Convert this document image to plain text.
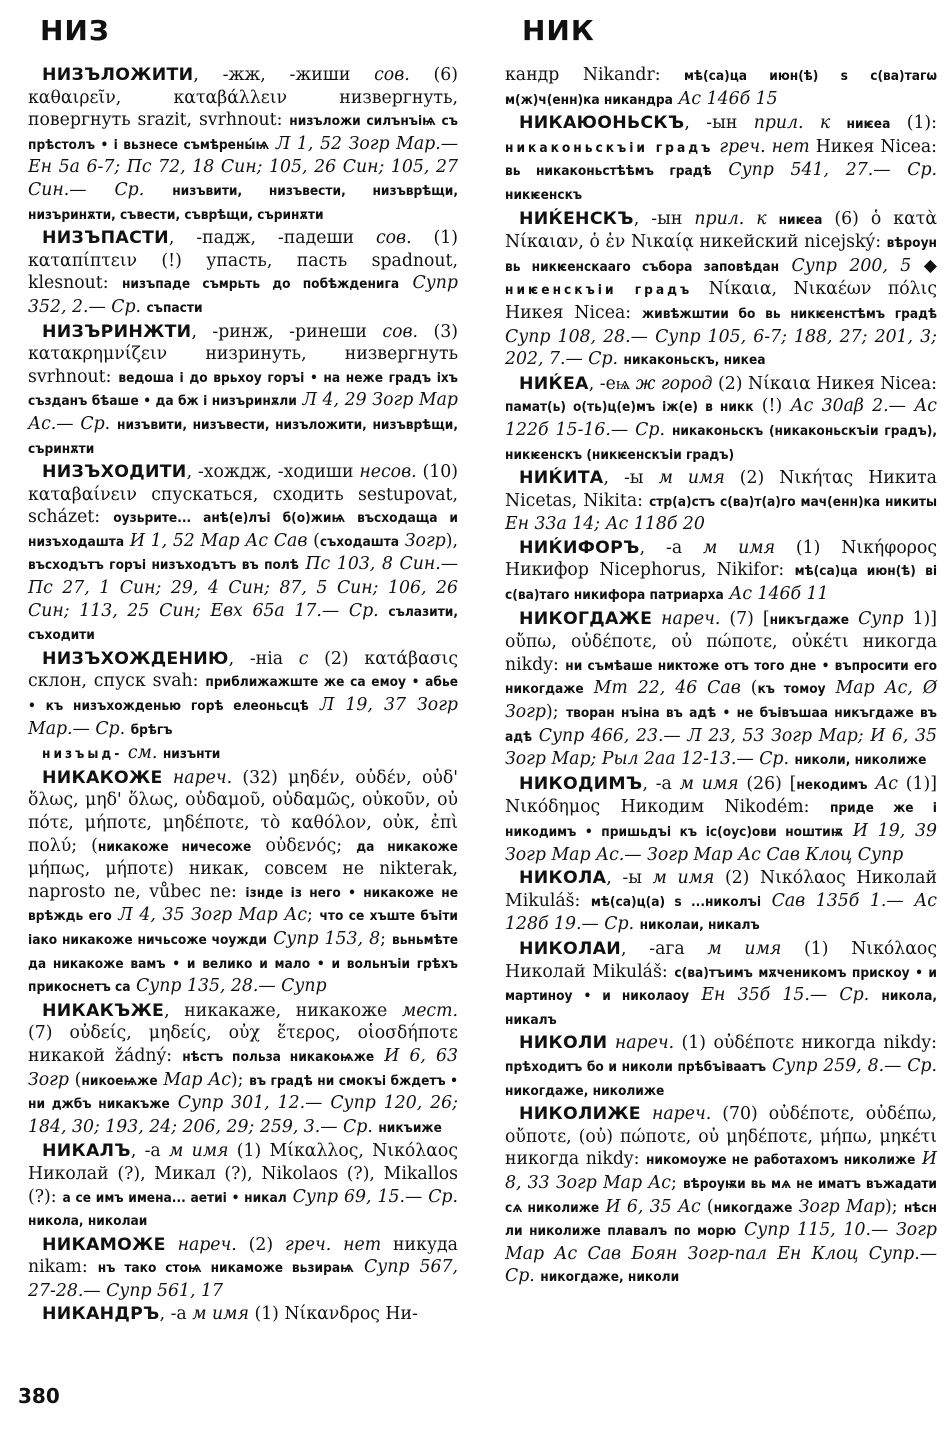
НИЗ	НИК

НИЗЪЛОЖИТИ, -жж, -жиши сов. (6) καθαιρεῖν, καταβάλλειν низвергнуть, повергнуть srazit, svrhnout: низъложи силънъіѩ съ прѣстолъ • і вьзнесе съмѣрены́ѩ Л 1, 52 Зогр Мар.— Ен 5а 6-7; Пс 72, 18 Син; 105, 26 Син; 105, 27 Син.— Ср. низъвити, низъвести, низъврѣщи, низъринѫти, съвести, съврѣщи, съринѫти

НИЗЪПАСТИ, -падж, -падеши сов. (1) καταπίπτειν (!) упасть, пасть spadnout, klesnout: низъпаде съмрьть до побѣжденига Супр 352, 2.— Ср. съпасти

НИЗЪРИНЖТИ, -ринж, -ринеши сов. (3) κατακρημνίζειν низринуть, низвергнуть svrhnout: ведоша і до врьхоу горъі • на неже градъ іхъ създанъ бѣаше • да бж і низъринѫли Л 4, 29 Зогр Мар Ас.— Ср. низъвити, низъвести, низъложити, низъврѣщи, съринѫти

НИЗЪХОДИТИ, -хождж, -ходиши несов. (10) καταβαίνειν спускаться, сходить sestupovat, scházet: оузьрите... анѣ(е)лъі б(о)жиѩ въсходаща и низъходашта И 1, 52 Мар Ас Сав (съходашта Зогр), въсходътъ горъі низъходътъ въ полѣ Пс 103, 8 Син.— Пс 27, 1 Син; 29, 4 Син; 87, 5 Син; 106, 26 Син; 113, 25 Син; Евх 65а 17.— Ср. сълазити, съходити

НИЗЪХОЖДЕНИЮ, -ніа с (2) κατάβασις склон, спуск svah: приближажште же са емоу • абье • къ низъхожденью горѣ елеоньсцѣ Л 19, 37 Зогр Мар.— Ср. брѣгъ

низъыд- см. низънти

НИКАКОЖЕ нареч. (32) μηδέν, οὐδέν, οὐδ' ὅλως, μηδ' ὅλως, οὐδαμοῦ, οὐδαμῶς, οὐκοῦν, οὐ πότε, μήποτε, μηδέποτε, τὸ καθόλον, οὐκ, ἐπὶ πολύ; (никакоже ничесоже οὐδενός; да никакоже μήπως, μήποτε) никак, совсем не nikterak, naprosto ne, vůbec ne: ізнде із него • никакоже не врѣждь его Л 4, 35 Зогр Мар Ас; что се хъште бъіти іако никакоже ничьсоже чоужди Супр 153, 8; вьньмѣте да никакоже вамъ • и велико и мало • и вольнъіи грѣхъ прикоснетъ са Супр 135, 28.— Супр

НИКАКЪЖЕ, никакаже, никакоже мест. (7) οὐδείς, μηδείς, οὐχ ἕτερος, οἱοσδήποτε никакой žádný: нѣстъ польза никакоѩже И 6, 63 Зогр (никоеѩже Мар Ас); въ градѣ ни смокъі бждетъ • ни джбъ никакъже Супр 301, 12.— Супр 120, 26; 184, 30; 193, 24; 206, 29; 259, 3.— Ср. никъиже

НИКАЛЪ, -а м имя (1) Μίκαλλος, Νικόλαος Николай (?), Микал (?), Nikolaos (?), Mikallos (?): а се имъ имена... аетиі • никал Супр 69, 15.— Ср. никола, николаи

НИКАМОЖЕ нареч. (2) греч. нет никуда nikam: нъ тако стоѩ никаможе вьзираѩ Супр 567, 27-28.— Супр 561, 17

НИКАНДРЪ, -а м имя (1) Νίκανδρος Ни-

кандр Nikandr: мѣ(са)ца июн(ѣ) ѕ с(ва)тагѡ м(ж)ч(енн)ка никандра Ас 146б 15

НИКАЮОНЬСКЪ, -ын прил. к ниѥеа (1): никаконьскъіи градъ греч. нет Никея Nicea: вь никаконьстѣѣмъ градѣ Супр 541, 27.— Ср. никѥенскъ

НИЌЕНСКЪ, -ын прил. к ниѥеа (6) ὁ κατὰ Νίκαιαν, ὁ ἐν Νικαίᾳ никейский nicejský: вѣроун вь никѥенскааго съборa заповѣдан Супр 200, 5 ◆ ниѥенскъіи градъ Νίκαια, Νικαέων πόλις Никея Nicea: живѣжштии бо вь никѥенстѣмъ градѣ Супр 108, 28.— Супр 105, 6-7; 188, 27; 201, 3; 202, 7.— Ср. никаконьскъ, никеа

НИЌЕА, -еѩ ж город (2) Νίκαια Никея Nicea: памат(ь) о(ть)ц(е)мъ іж(е) в никк (!) Ас 30аβ 2.— Ас 122б 15-16.— Ср. никаконьскъ (никаконьскъіи градъ), никѥенскъ (никѥенскъіи градъ)

НИЌИТА, -ы м имя (2) Νικήτας Никита Nicetas, Nikita: стр(а)стъ с(ва)т(а)го мач(енн)ка никиты Ен 33а 14; Ас 118б 20

НИЌИФОРЪ, -а м имя (1) Νικήφορος Никифор Nicephorus, Nikifor: мѣ(са)ца июн(ѣ) ві с(ва)таго никифора патриарха Ас 146б 11

НИКОГДАЖЕ нареч. (7) [никъгдаже Супр 1)] οὔπω, οὐδέποτε, οὐ πώποτε, οὐκέτι никогда nikdy: ни съмѣаше никтоже отъ того дне • въпросити его никогдаже Мт 22, 46 Сав (къ томоу Мар Ас, Ø Зогр); творан нъіна въ адѣ • не бъівъшаа никъгдаже въ адѣ Супр 466, 23.— Л 23, 53 Зогр Мар; И 6, 35 Зогр Мар; Рыл 2аа 12-13.— Ср. николи, николиже

НИКОДИМЪ, -а м имя (26) [некодимъ Ас (1)] Νικόδημος Никодим Nikodém: приде же і никодимъ • пришьдъі къ іс(оус)ови ноштиѭ И 19, 39 Зогр Мар Ас.— Зогр Мар Ас Сав Клоц Супр

НИКОЛА, -ы м имя (2) Νικόλαος Николай Mikuláš: мѣ(са)ц(а) ѕ ...николъі Сав 135б 1.— Ас 128б 19.— Ср. николаи, никалъ

НИКОЛАИ, -ага м имя (1) Νικόλαος Николай Mikuláš: с(ва)тъимъ мѫченикомъ прискоу • и мартиноу • и николаоу Ен 35б 15.— Ср. никола, никалъ

НИКОЛИ нареч. (1) οὐδέποτε никогда nikdy: прѣходитъ бо и николи прѣбъіваатъ Супр 259, 8.— Ср. никогдаже, николиже

НИКОЛИЖЕ нареч. (70) οὐδέποτε, οὐδέπω, οὔποτε, (οὐ) πώποτε, οὐ μηδέποτε, μήπω, μηκέτι никогда nikdy: никомоуже не работахомъ николиже И 8, 33 Зогр Мар Ас; вѣроуѭи вь мѧ не иматъ въжадати сѧ николиже И 6, 35 Ас (никогдаже Зогр Мар); нѣсн ли николиже плавалъ по морю Супр 115, 10.— Зогр Мар Ас Сав Боян Зогр-пал Ен Клоц Супр.— Ср. никогдаже, николи

380
